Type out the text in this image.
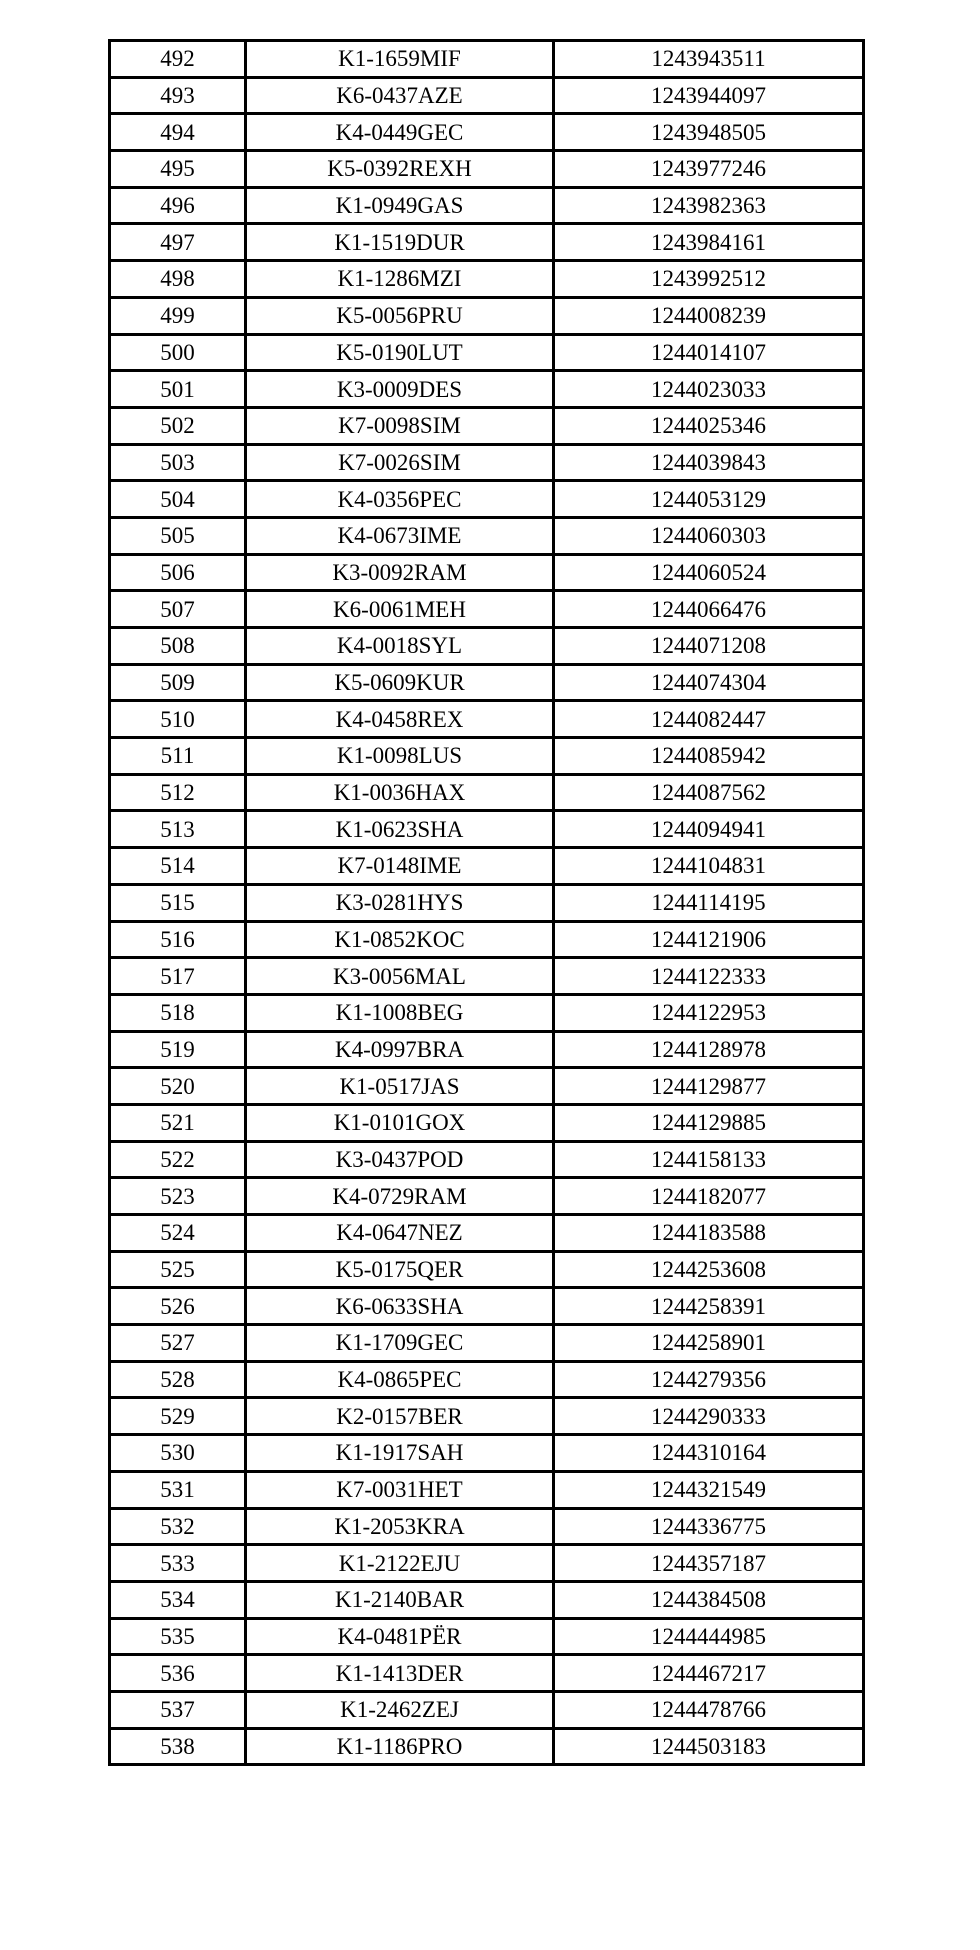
492	K1-1659MIF	1243943511
493	K6-0437AZE	1243944097
494	K4-0449GEC	1243948505
495	K5-0392REXH	1243977246
496	K1-0949GAS	1243982363
497	K1-1519DUR	1243984161
498	K1-1286MZI	1243992512
499	K5-0056PRU	1244008239
500	K5-0190LUT	1244014107
501	K3-0009DES	1244023033
502	K7-0098SIM	1244025346
503	K7-0026SIM	1244039843
504	K4-0356PEC	1244053129
505	K4-0673IME	1244060303
506	K3-0092RAM	1244060524
507	K6-0061MEH	1244066476
508	K4-0018SYL	1244071208
509	K5-0609KUR	1244074304
510	K4-0458REX	1244082447
511	K1-0098LUS	1244085942
512	K1-0036HAX	1244087562
513	K1-0623SHA	1244094941
514	K7-0148IME	1244104831
515	K3-0281HYS	1244114195
516	K1-0852KOC	1244121906
517	K3-0056MAL	1244122333
518	K1-1008BEG	1244122953
519	K4-0997BRA	1244128978
520	K1-0517JAS	1244129877
521	K1-0101GOX	1244129885
522	K3-0437POD	1244158133
523	K4-0729RAM	1244182077
524	K4-0647NEZ	1244183588
525	K5-0175QER	1244253608
526	K6-0633SHA	1244258391
527	K1-1709GEC	1244258901
528	K4-0865PEC	1244279356
529	K2-0157BER	1244290333
530	K1-1917SAH	1244310164
531	K7-0031HET	1244321549
532	K1-2053KRA	1244336775
533	K1-2122EJU	1244357187
534	K1-2140BAR	1244384508
535	K4-0481PËR	1244444985
536	K1-1413DER	1244467217
537	K1-2462ZEJ	1244478766
538	K1-1186PRO	1244503183
